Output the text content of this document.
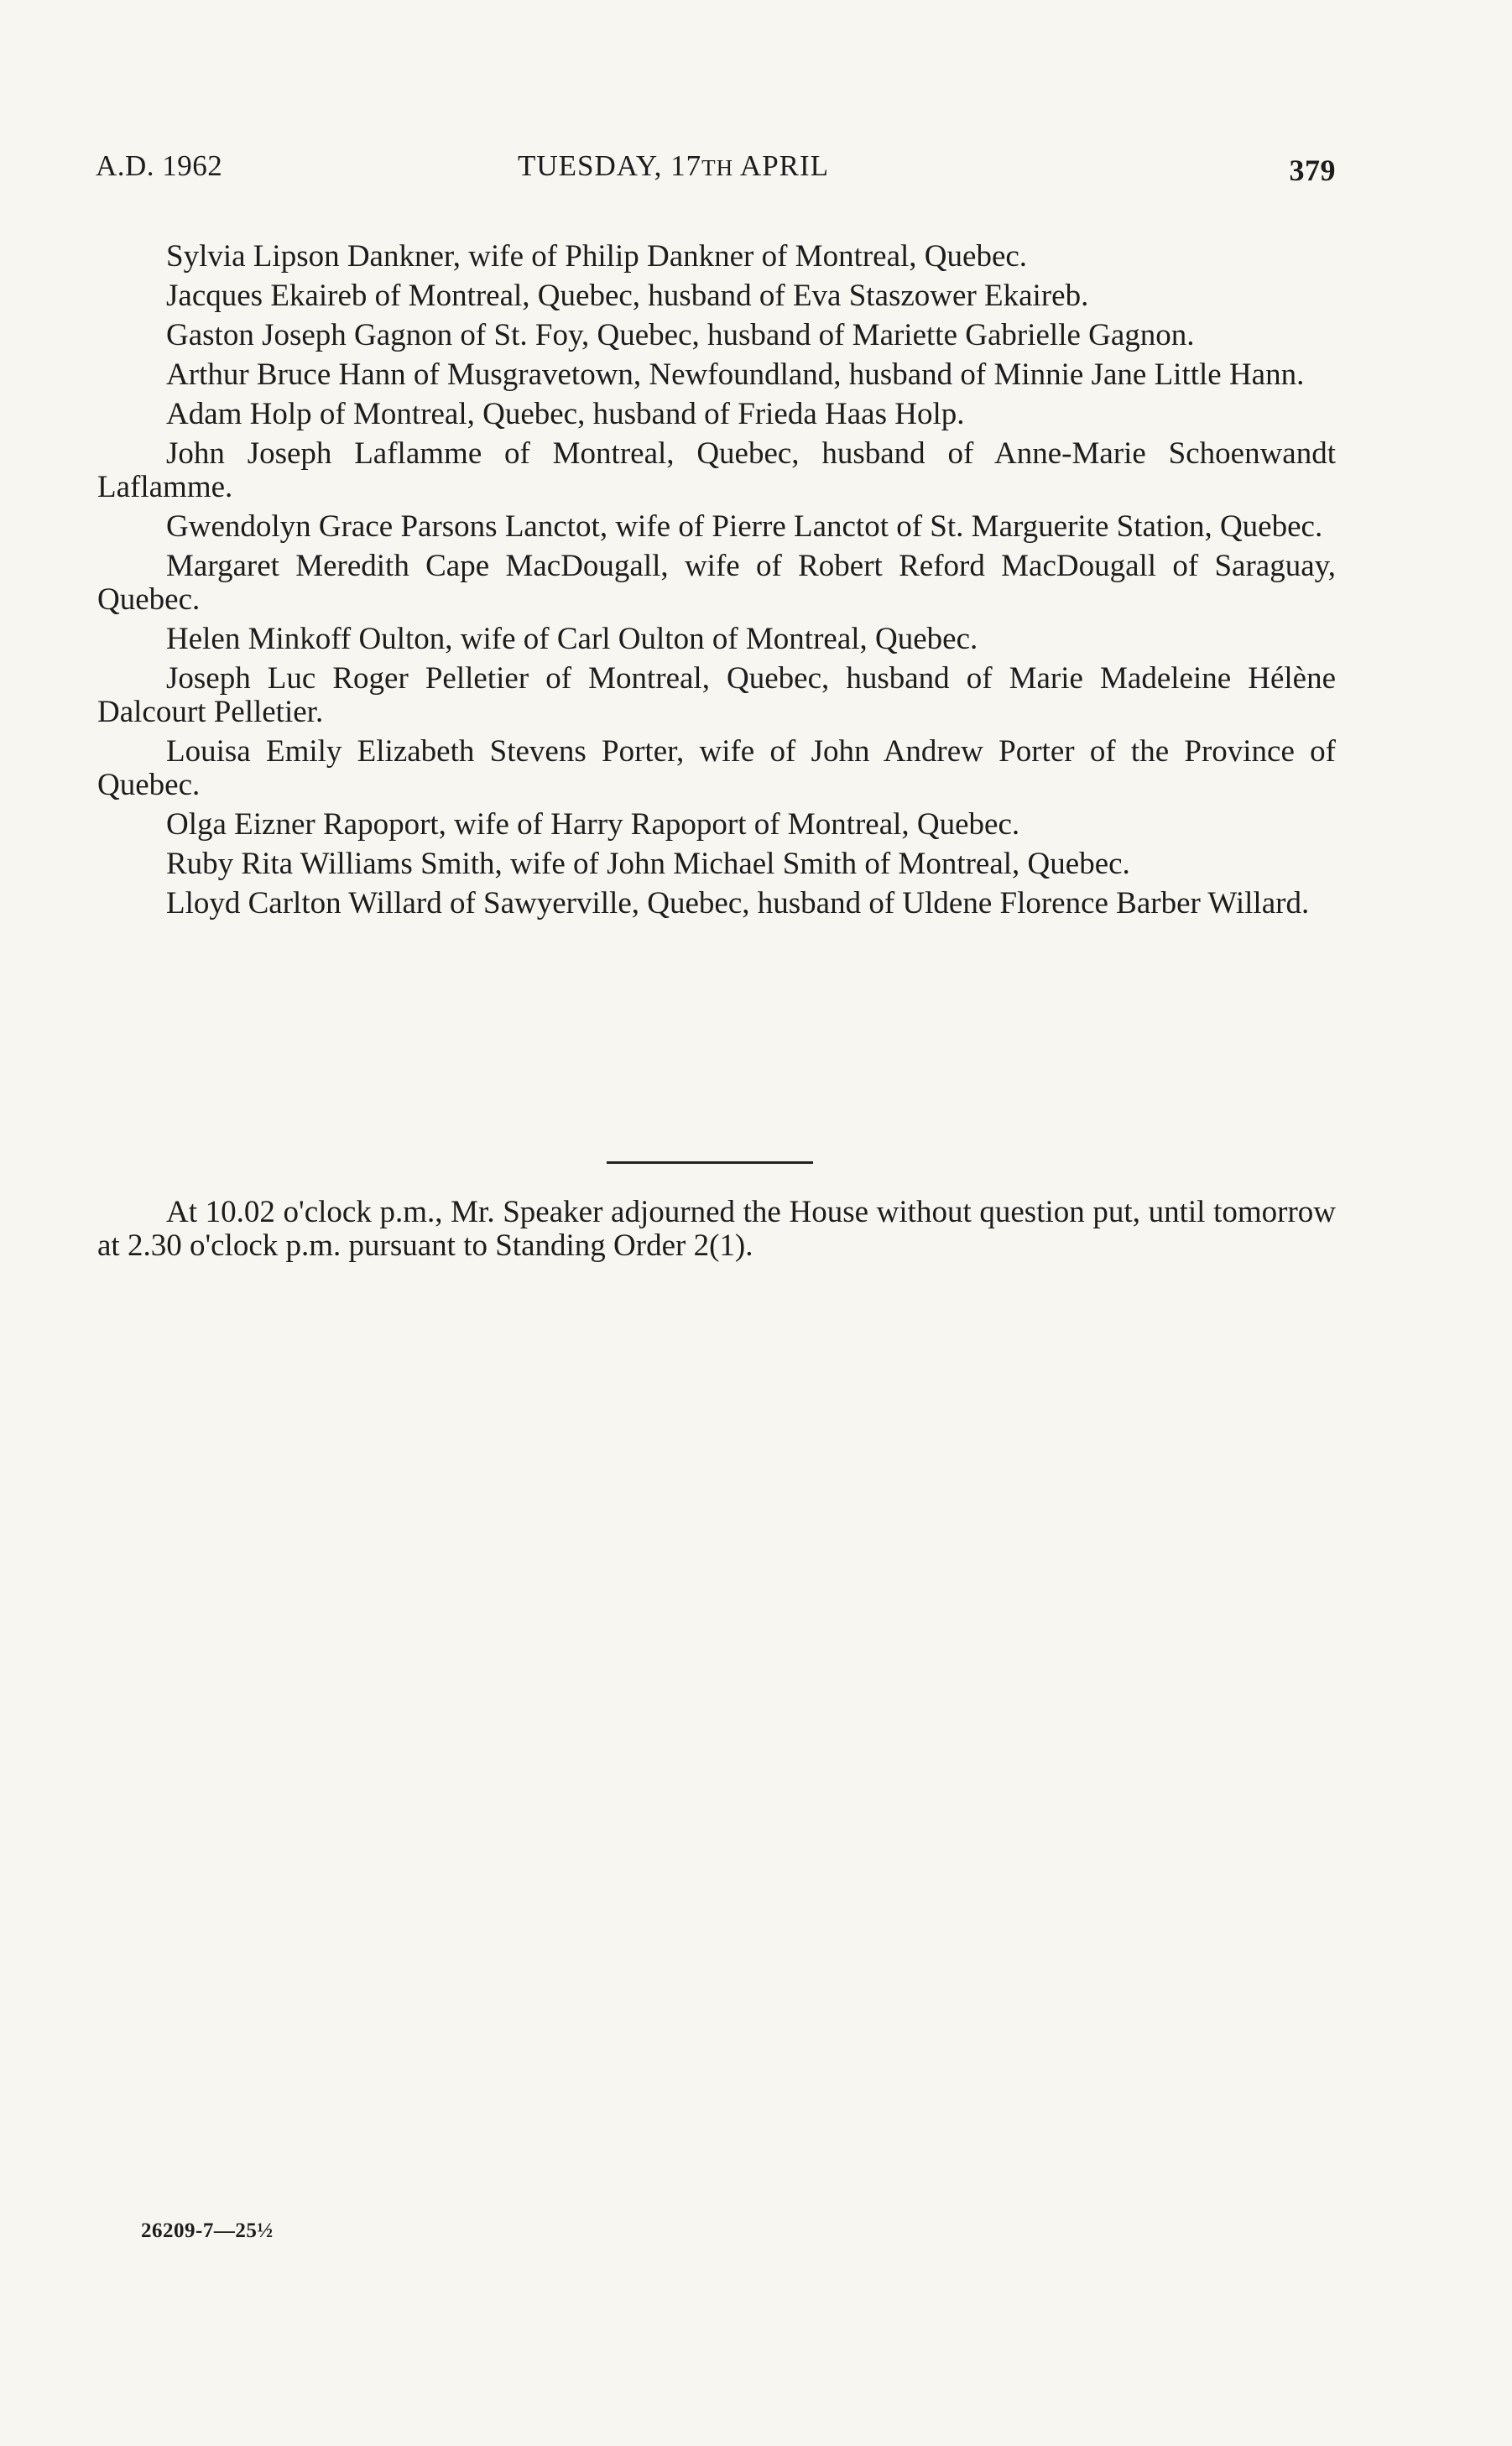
A.D. 1962	TUESDAY, 17TH APRIL	379

Sylvia Lipson Dankner, wife of Philip Dankner of Montreal, Quebec.

Jacques Ekaireb of Montreal, Quebec, husband of Eva Staszower Ekaireb.

Gaston Joseph Gagnon of St. Foy, Quebec, husband of Mariette Gabrielle Gagnon.

Arthur Bruce Hann of Musgravetown, Newfoundland, husband of Minnie Jane Little Hann.

Adam Holp of Montreal, Quebec, husband of Frieda Haas Holp.

John Joseph Laflamme of Montreal, Quebec, husband of Anne-Marie Schoenwandt Laflamme.

Gwendolyn Grace Parsons Lanctot, wife of Pierre Lanctot of St. Marguerite Station, Quebec.

Margaret Meredith Cape MacDougall, wife of Robert Reford MacDougall of Saraguay, Quebec.

Helen Minkoff Oulton, wife of Carl Oulton of Montreal, Quebec.

Joseph Luc Roger Pelletier of Montreal, Quebec, husband of Marie Madeleine Hélène Dalcourt Pelletier.

Louisa Emily Elizabeth Stevens Porter, wife of John Andrew Porter of the Province of Quebec.

Olga Eizner Rapoport, wife of Harry Rapoport of Montreal, Quebec.

Ruby Rita Williams Smith, wife of John Michael Smith of Montreal, Quebec.

Lloyd Carlton Willard of Sawyerville, Quebec, husband of Uldene Florence Barber Willard.

At 10.02 o'clock p.m., Mr. Speaker adjourned the House without question put, until tomorrow at 2.30 o'clock p.m. pursuant to Standing Order 2(1).

26209-7—25½
